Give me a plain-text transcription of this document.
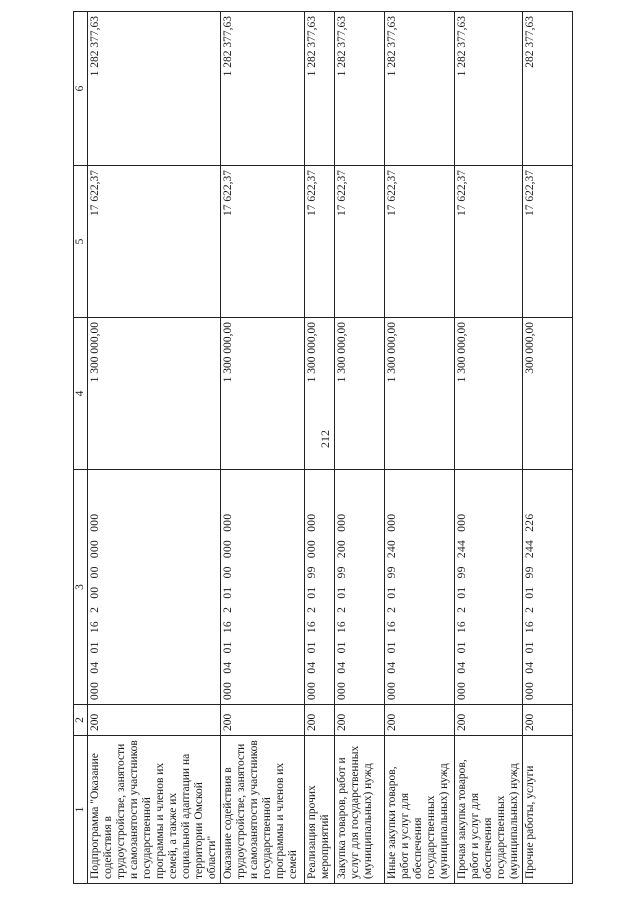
212
1	2	3	4	5	6
Подпрограмма "Оказание содействия в трудоустройстве, занятости и самозанятости участников государственной программы и членов их семей, а также их социальной адаптации на территории Омской области"	200	000 04 01 16 2 00 00 000 000	1 300 000,00	17 622,37	1 282 377,63
Оказание содействия в трудоустройстве, занятости и самозанятости участников государственной программы и членов их семей	200	000 04 01 16 2 01 00 000 000	1 300 000,00	17 622,37	1 282 377,63
Реализация прочих мероприятий	200	000 04 01 16 2 01 99 000 000	1 300 000,00	17 622,37	1 282 377,63
Закупка товаров, работ и услуг для государственных (муниципальных) нужд	200	000 04 01 16 2 01 99 200 000	1 300 000,00	17 622,37	1 282 377,63
Иные закупки товаров, работ и услуг для обеспечения государственных (муниципальных) нужд	200	000 04 01 16 2 01 99 240 000	1 300 000,00	17 622,37	1 282 377,63
Прочая закупка товаров, работ и услуг для обеспечения государственных (муниципальных) нужд	200	000 04 01 16 2 01 99 244 000	1 300 000,00	17 622,37	1 282 377,63
Прочие работы, услуги	200	000 04 01 16 2 01 99 244 226	300 000,00	17 622,37	282 377,63
